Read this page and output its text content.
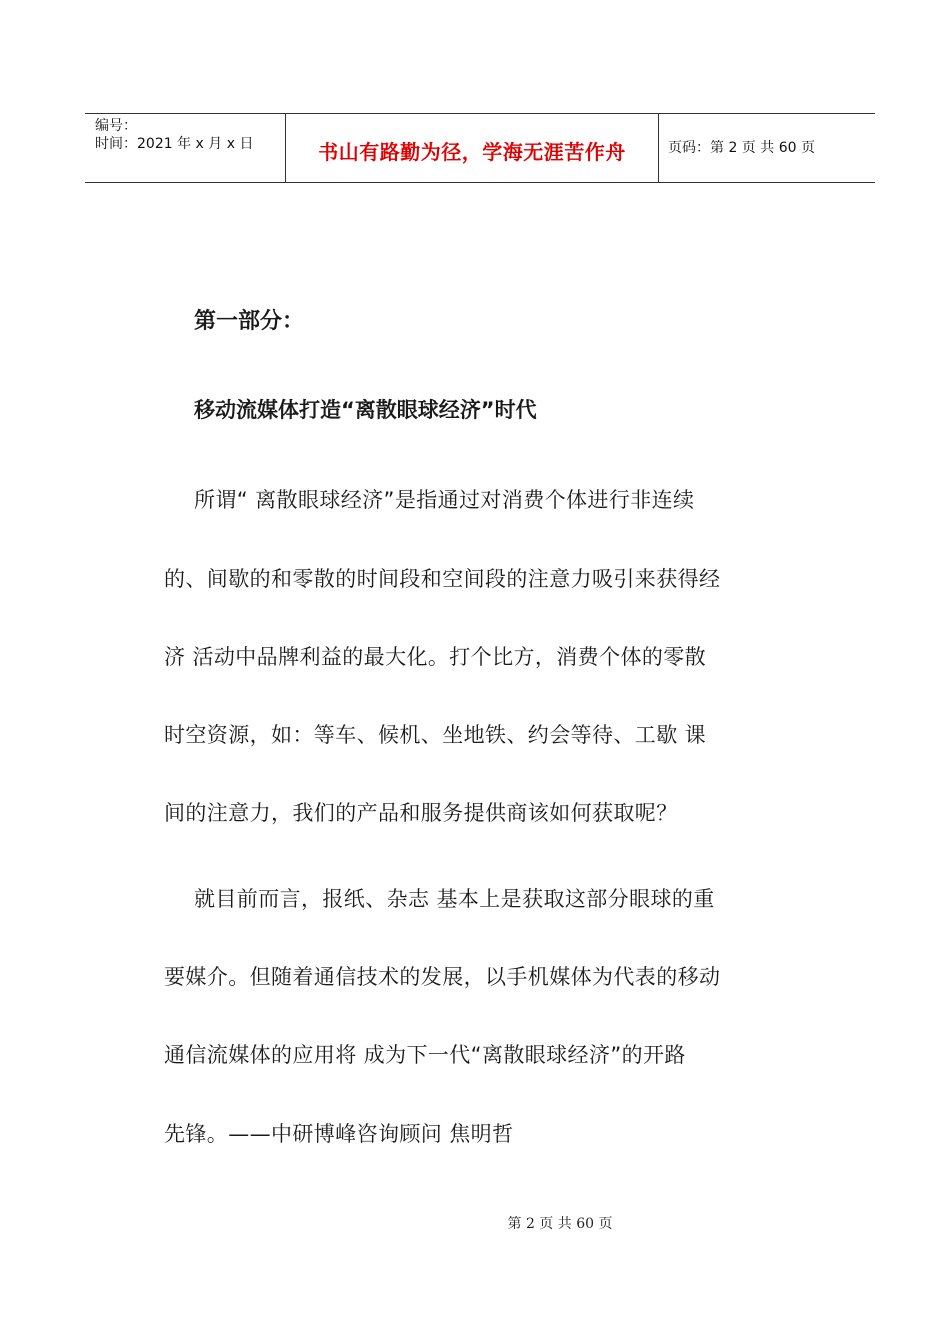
编号：
时间：2021 年 x 月 x 日	书山有路勤为径，学海无涯苦作舟	页码：第 2 页 共 60 页
第一部分：
移动流媒体打造“离散眼球经济”时代
所谓“ 离散眼球经济”是指通过对消费个体进行非连续
的、间歇的和零散的时间段和空间段的注意力吸引来获得经
济 活动中品牌利益的最大化。打个比方，消费个体的零散
时空资源，如：等车、候机、坐地铁、约会等待、工歇 课
间的注意力，我们的产品和服务提供商该如何获取呢？
就目前而言，报纸、杂志 基本上是获取这部分眼球的重
要媒介。但随着通信技术的发展，以手机媒体为代表的移动
通信流媒体的应用将 成为下一代“离散眼球经济”的开路
先锋。——中研博峰咨询顾问 焦明哲
第 2 页 共 60 页
